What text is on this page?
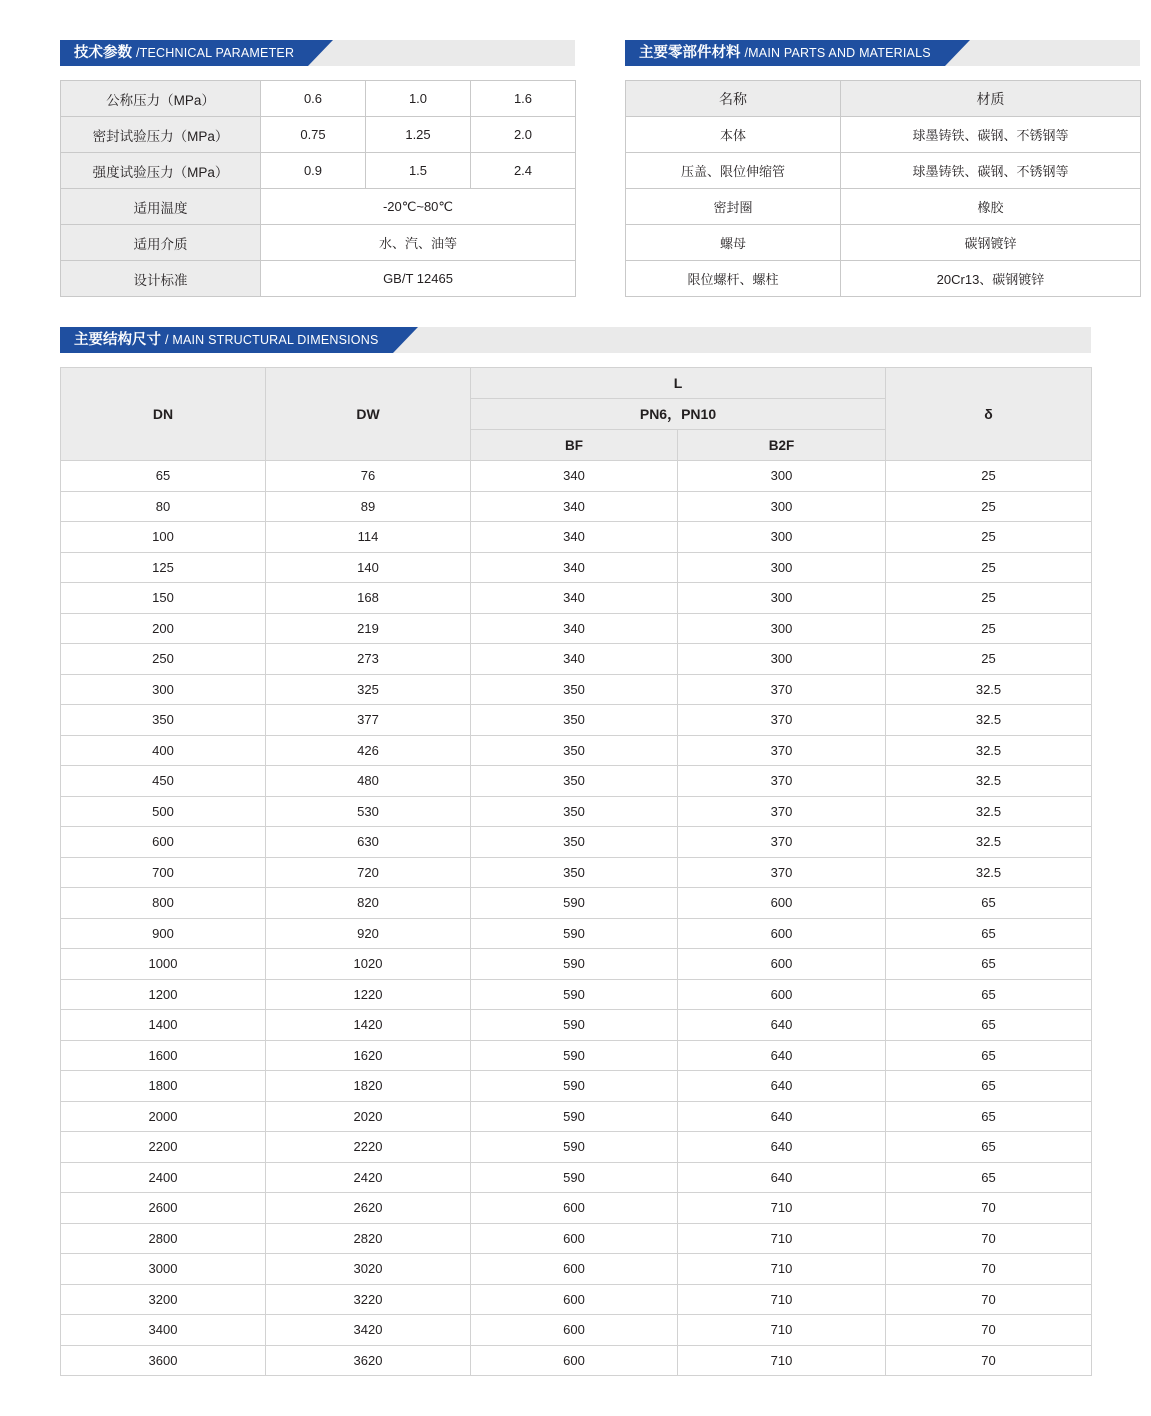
技术参数 /TECHNICAL PARAMETER
公称压力（MPa）	0.6	1.0	1.6
密封试验压力（MPa）	0.75	1.25	2.0
强度试验压力（MPa）	0.9	1.5	2.4
适用温度	-20℃~80℃		
适用介质	水、汽、油等		
设计标准	GB/T 12465		
主要零部件材料 /MAIN PARTS AND MATERIALS
名称	材质
本体	球墨铸铁、碳钢、不锈钢等
压盖、限位伸缩管	球墨铸铁、碳钢、不锈钢等
密封圈	橡胶
螺母	碳钢镀锌
限位螺杆、螺柱	20Cr13、碳钢镀锌
主要结构尺寸 / MAIN STRUCTURAL DIMENSIONS
DN	DW	L		δ
		PN6，PN10		
		BF	B2F	
65	76	340	300	25
80	89	340	300	25
100	114	340	300	25
125	140	340	300	25
150	168	340	300	25
200	219	340	300	25
250	273	340	300	25
300	325	350	370	32.5
350	377	350	370	32.5
400	426	350	370	32.5
450	480	350	370	32.5
500	530	350	370	32.5
600	630	350	370	32.5
700	720	350	370	32.5
800	820	590	600	65
900	920	590	600	65
1000	1020	590	600	65
1200	1220	590	600	65
1400	1420	590	640	65
1600	1620	590	640	65
1800	1820	590	640	65
2000	2020	590	640	65
2200	2220	590	640	65
2400	2420	590	640	65
2600	2620	600	710	70
2800	2820	600	710	70
3000	3020	600	710	70
3200	3220	600	710	70
3400	3420	600	710	70
3600	3620	600	710	70
